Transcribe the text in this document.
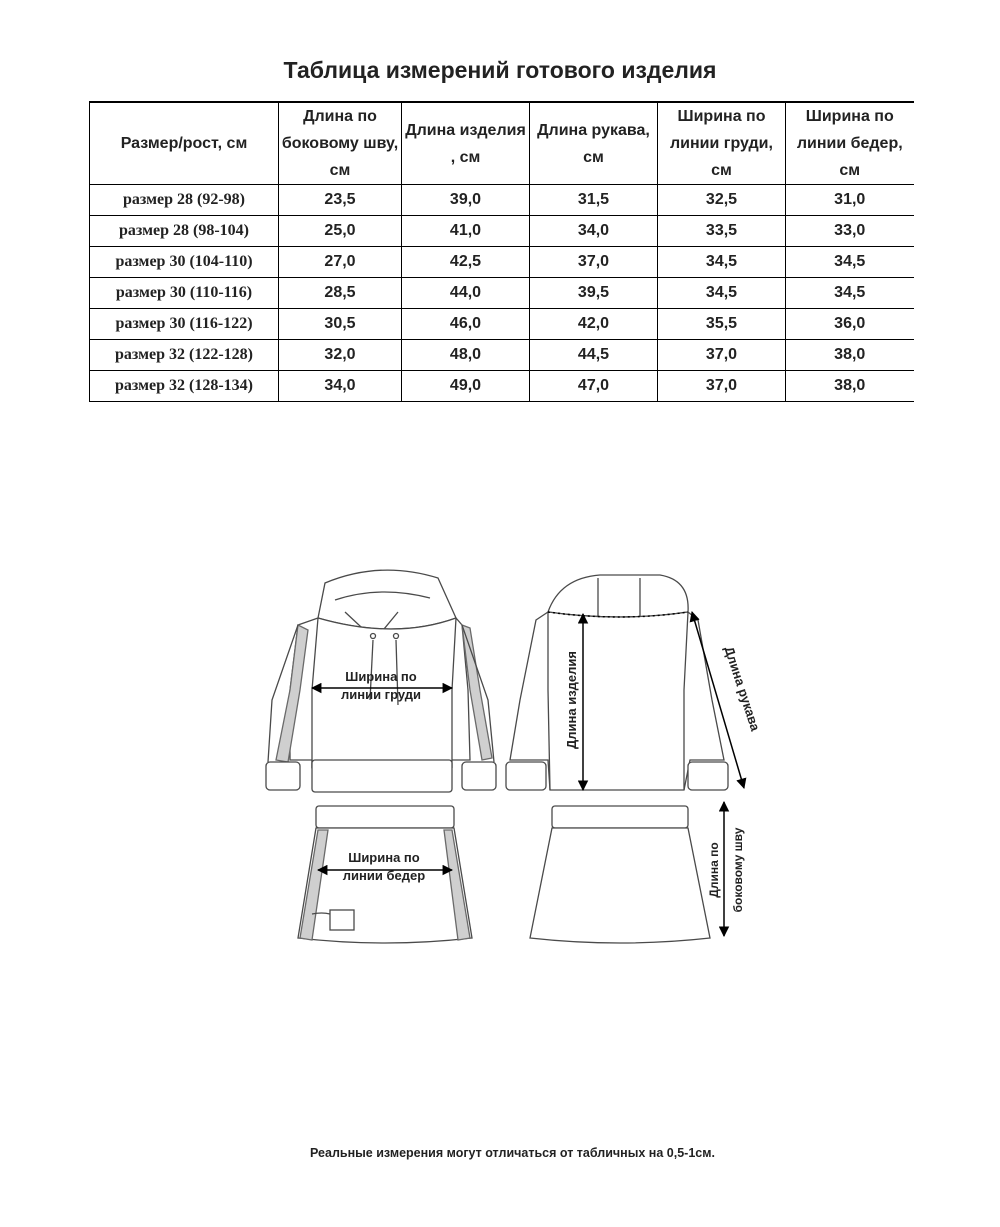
Таблица измерений готового изделия
Размер/рост, см	Длина по боковому шву, см	Длина изделия , см	Длина рукава, см	Ширина по линии груди, см	Ширина по линии бедер, см
размер 28 (92-98)	23,5	39,0	31,5	32,5	31,0
размер 28 (98-104)	25,0	41,0	34,0	33,5	33,0
размер 30 (104-110)	27,0	42,5	37,0	34,5	34,5
размер 30 (110-116)	28,5	44,0	39,5	34,5	34,5
размер 30 (116-122)	30,5	46,0	42,0	35,5	36,0
размер 32 (122-128)	32,0	48,0	44,5	37,0	38,0
размер 32 (128-134)	34,0	49,0	47,0	37,0	38,0
Ширина по
линии груди	Длина изделия	Длина рукава
Ширина по
линии бедер	Длина по боковому шву
Реальные измерения могут отличаться от табличных на 0,5-1см.
